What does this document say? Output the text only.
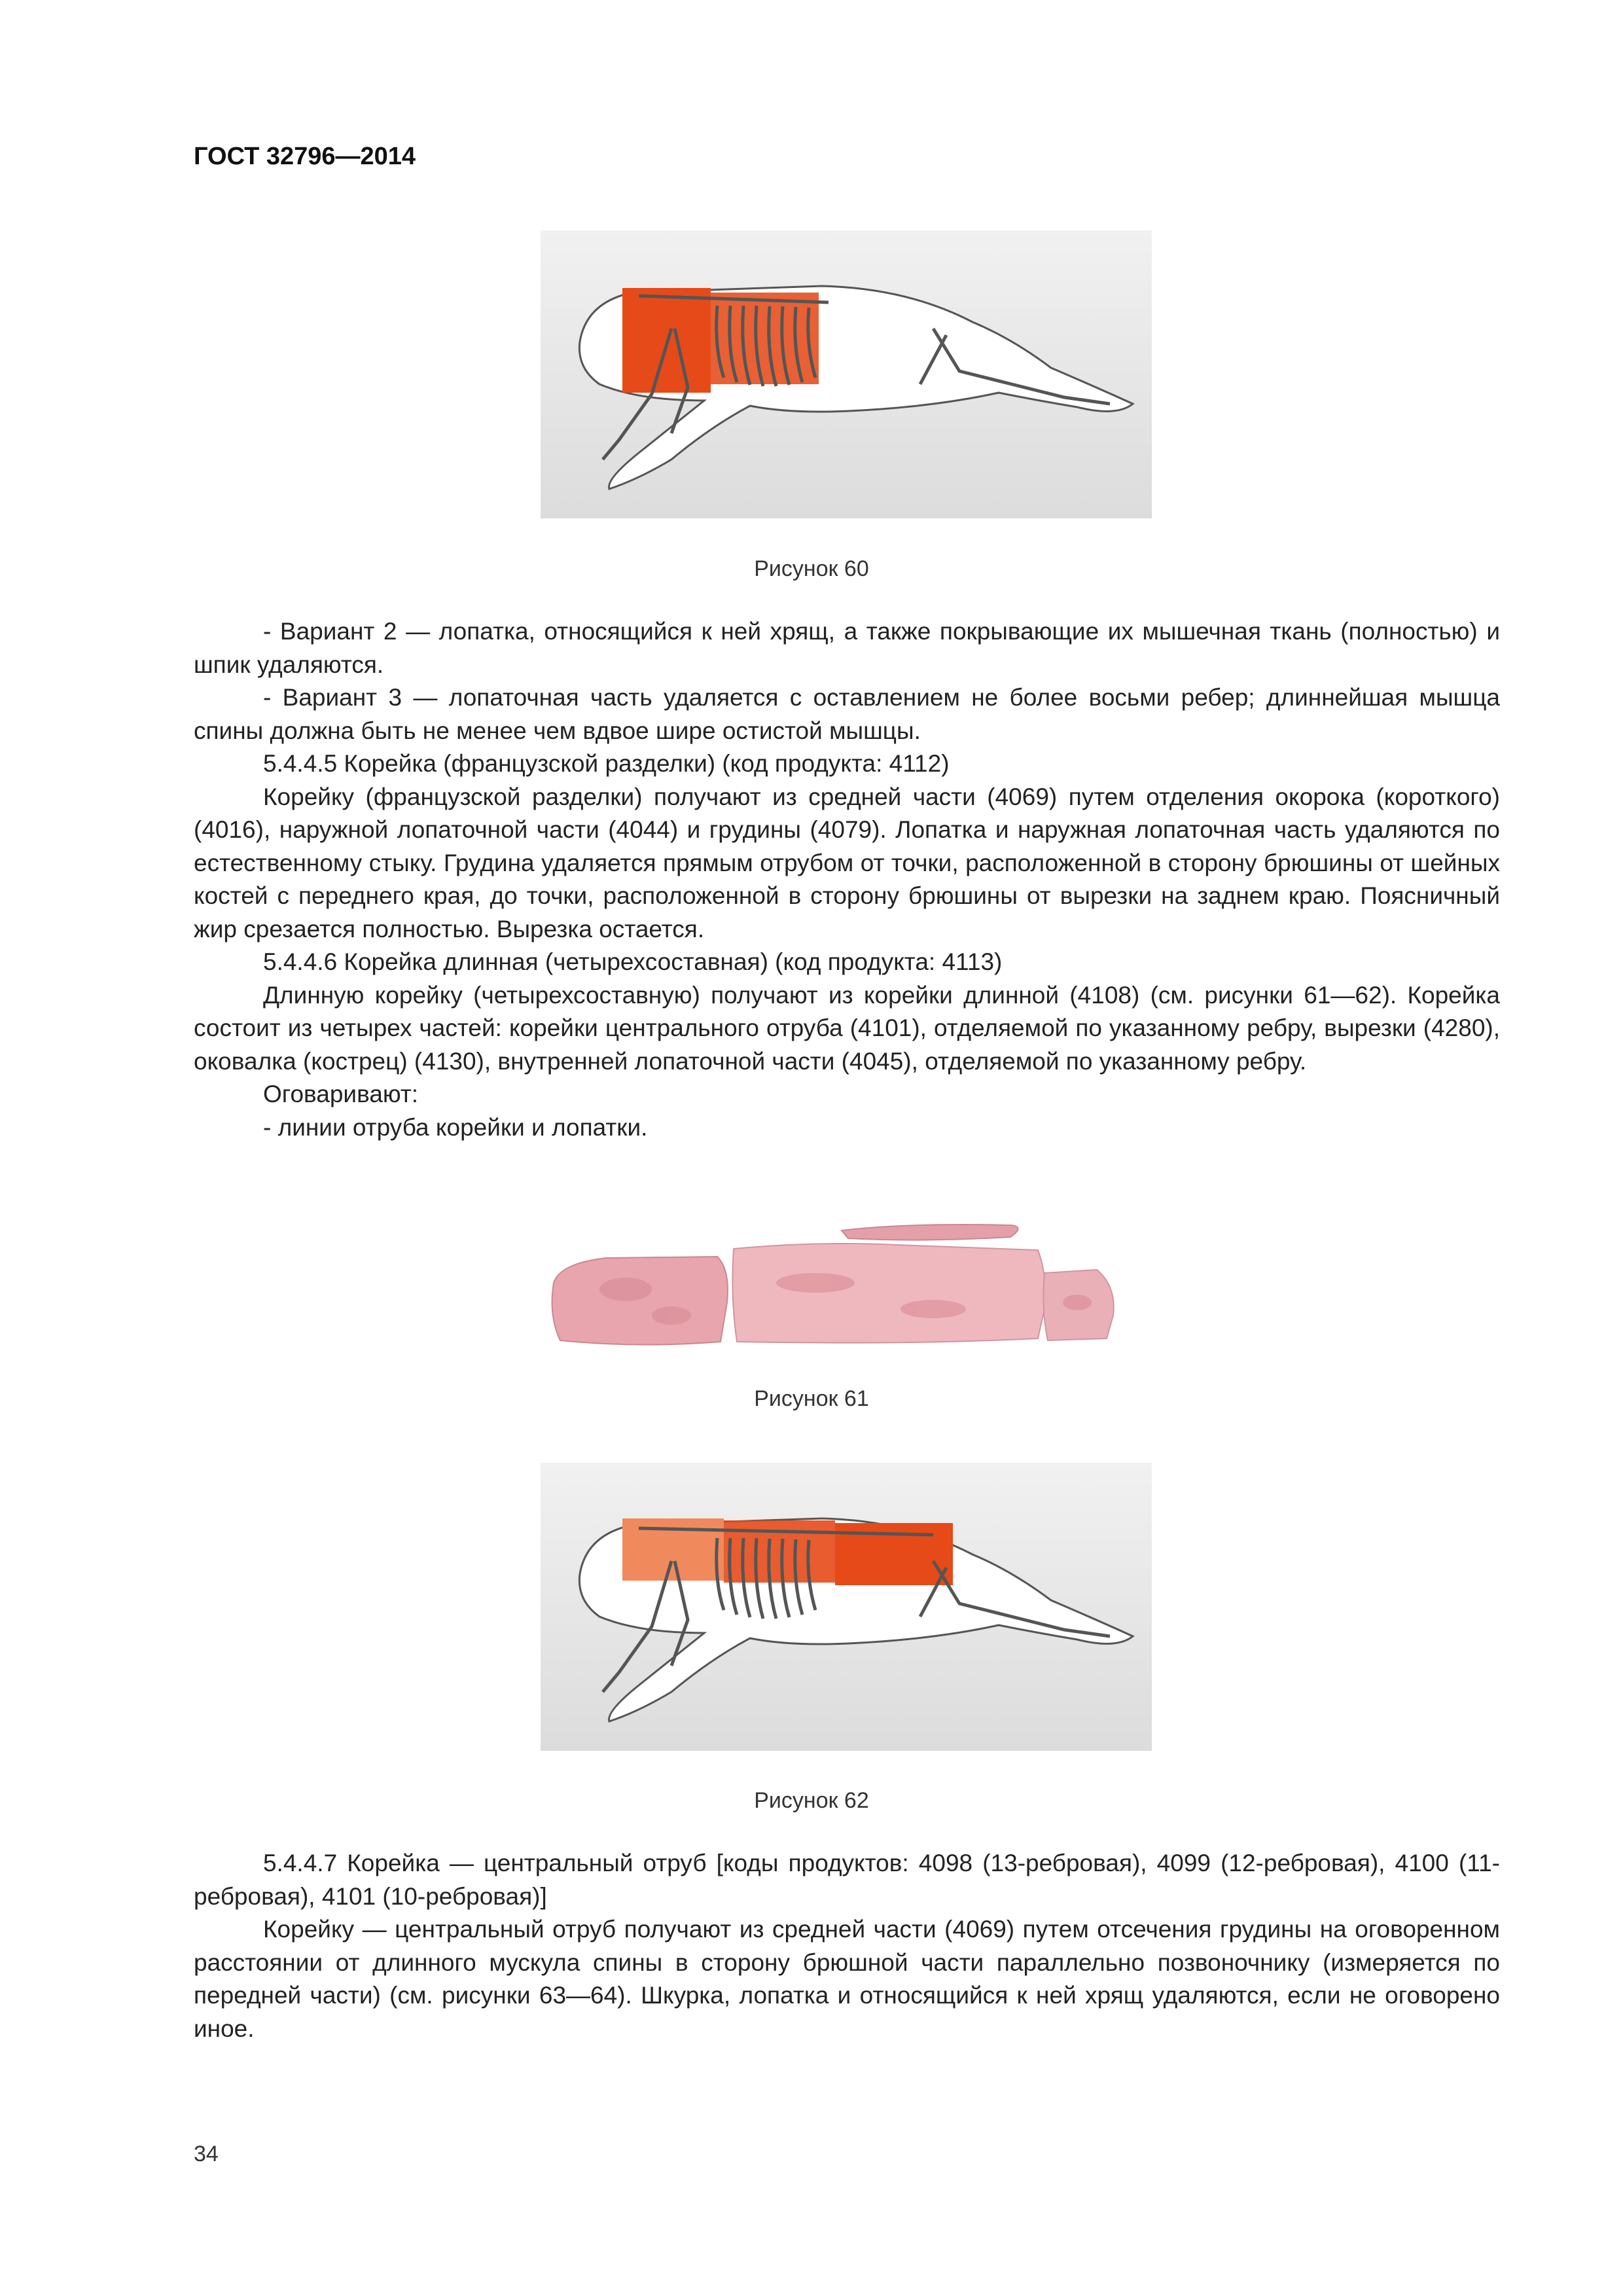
ГОСТ 32796—2014
Рисунок 60

- Вариант 2 — лопатка, относящийся к ней хрящ, а также покрывающие их мышечная ткань (полностью) и шпик удаляются.

- Вариант 3 — лопаточная часть удаляется с оставлением не более восьми ребер; длиннейшая мышца спины должна быть не менее чем вдвое шире остистой мышцы.

5.4.4.5 Корейка (французской разделки) (код продукта: 4112)

Корейку (французской разделки) получают из средней части (4069) путем отделения окорока (короткого) (4016), наружной лопаточной части (4044) и грудины (4079). Лопатка и наружная лопаточная часть удаляются по естественному стыку. Грудина удаляется прямым отрубом от точки, расположенной в сторону брюшины от шейных костей с переднего края, до точки, расположенной в сторону брюшины от вырезки на заднем краю. Поясничный жир срезается полностью. Вырезка остается.

5.4.4.6 Корейка длинная (четырехсоставная) (код продукта: 4113)

Длинную корейку (четырехсоставную) получают из корейки длинной (4108) (см. рисунки 61—62). Корейка состоит из четырех частей: корейки центрального отруба (4101), отделяемой по указанному ребру, вырезки (4280), оковалка (кострец) (4130), внутренней лопаточной части (4045), отделяемой по указанному ребру.

Оговаривают:

- линии отруба корейки и лопатки.

Рисунок 61
Рисунок 62

5.4.4.7 Корейка — центральный отруб [коды продуктов: 4098 (13-ребровая), 4099 (12-ребровая), 4100 (11-ребровая), 4101 (10-ребровая)]

Корейку — центральный отруб получают из средней части (4069) путем отсечения грудины на оговоренном расстоянии от длинного мускула спины в сторону брюшной части параллельно позвоночнику (измеряется по передней части) (см. рисунки 63—64). Шкурка, лопатка и относящийся к ней хрящ удаляются, если не оговорено иное.

34
